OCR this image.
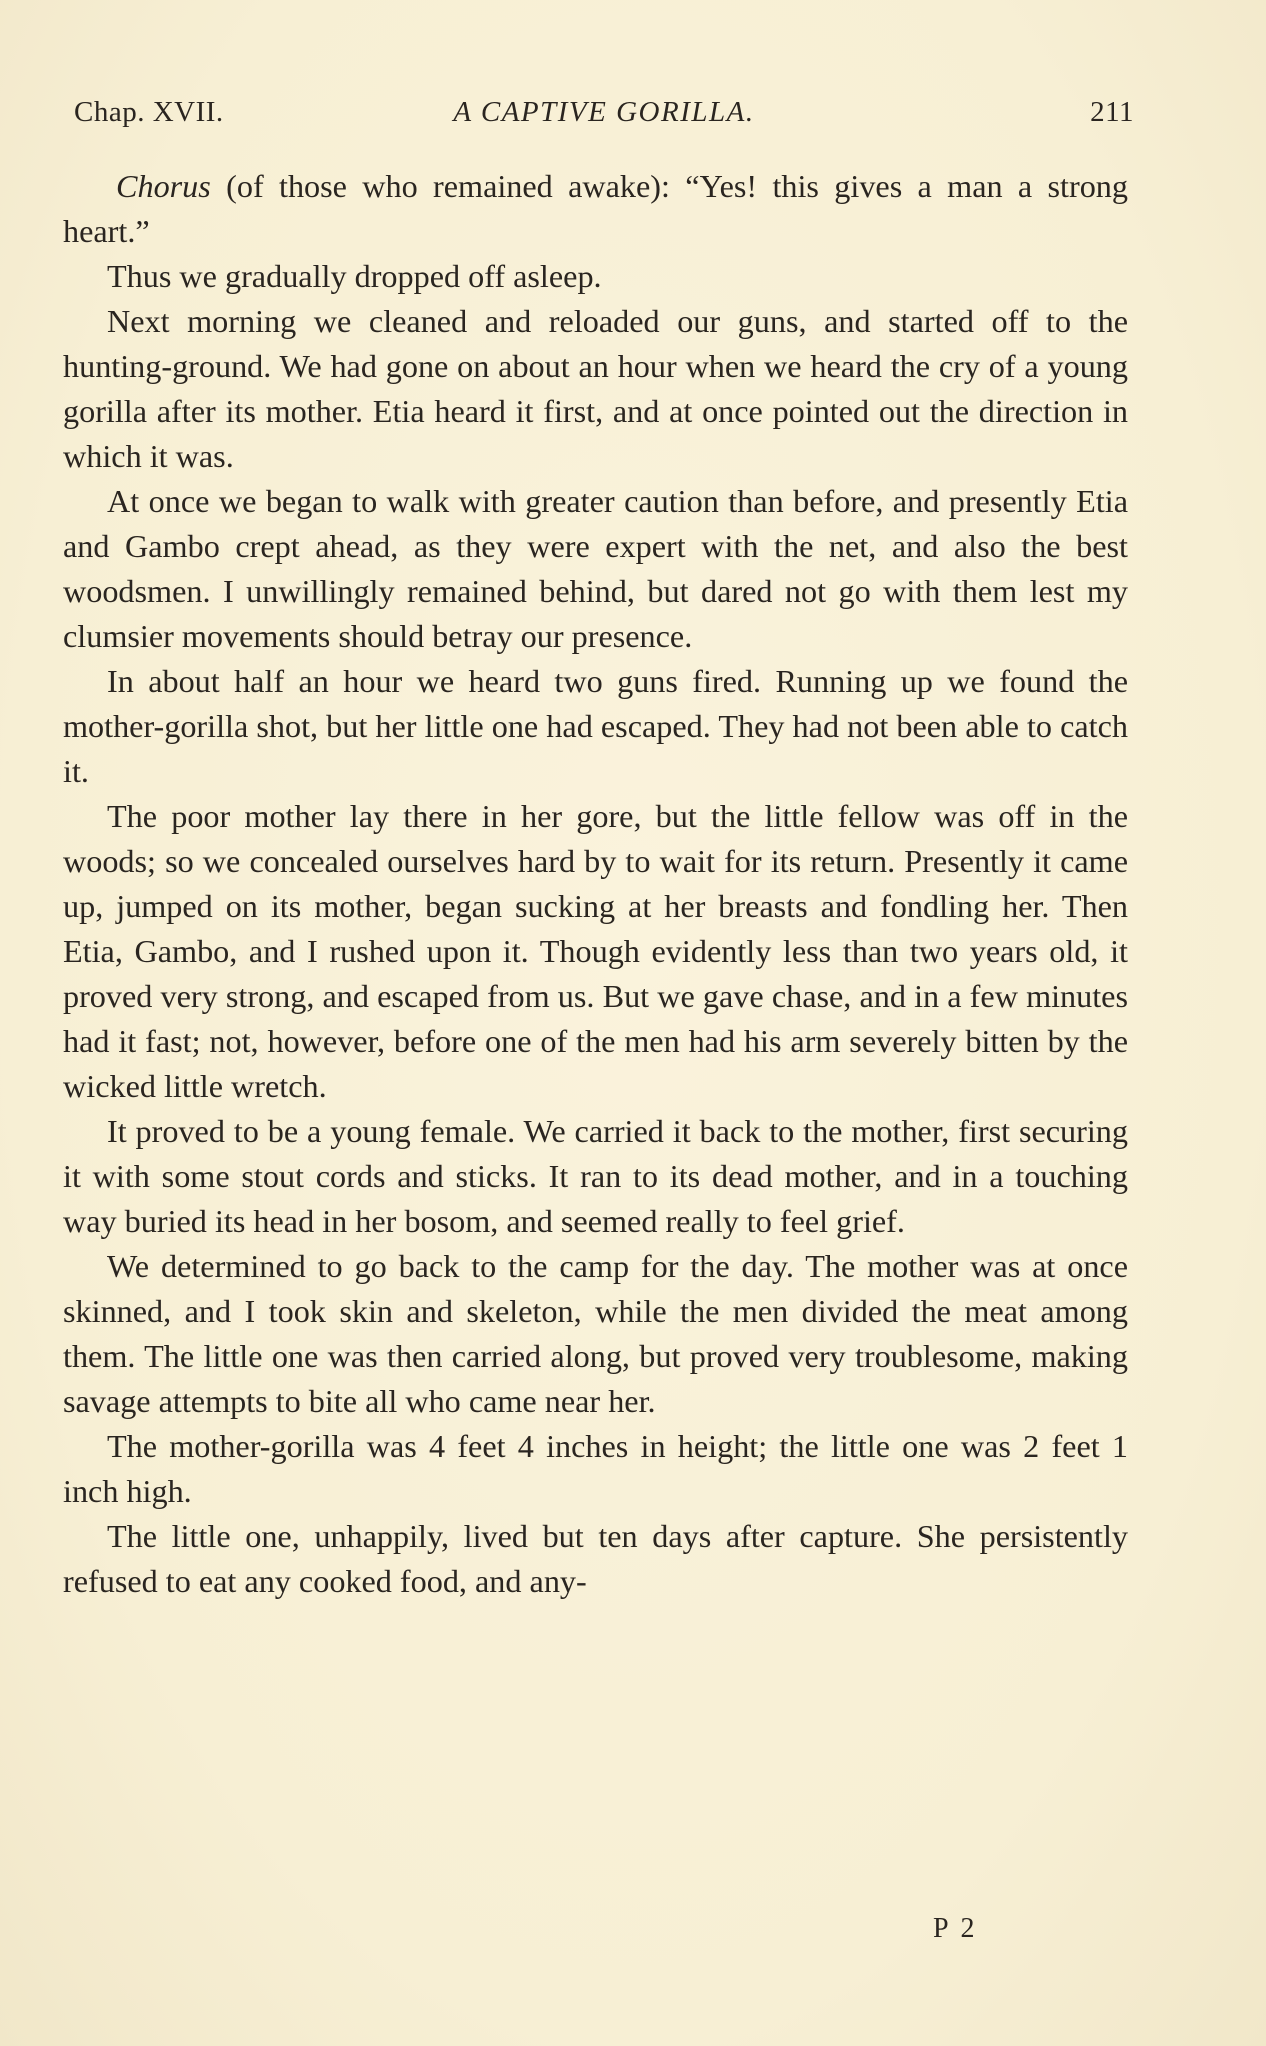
Chap. XVII.	A CAPTIVE GORILLA.	211

Chorus (of those who remained awake): “Yes! this gives a man a strong heart.”

Thus we gradually dropped off asleep.

Next morning we cleaned and reloaded our guns, and started off to the hunting-ground. We had gone on about an hour when we heard the cry of a young gorilla after its mother. Etia heard it first, and at once pointed out the direction in which it was.

At once we began to walk with greater caution than before, and presently Etia and Gambo crept ahead, as they were expert with the net, and also the best woodsmen. I unwillingly remained behind, but dared not go with them lest my clumsier movements should betray our presence.

In about half an hour we heard two guns fired. Running up we found the mother-gorilla shot, but her little one had escaped. They had not been able to catch it.

The poor mother lay there in her gore, but the little fellow was off in the woods; so we concealed ourselves hard by to wait for its return. Presently it came up, jumped on its mother, began sucking at her breasts and fondling her. Then Etia, Gambo, and I rushed upon it. Though evidently less than two years old, it proved very strong, and escaped from us. But we gave chase, and in a few minutes had it fast; not, however, before one of the men had his arm severely bitten by the wicked little wretch.

It proved to be a young female. We carried it back to the mother, first securing it with some stout cords and sticks. It ran to its dead mother, and in a touching way buried its head in her bosom, and seemed really to feel grief.

We determined to go back to the camp for the day. The mother was at once skinned, and I took skin and skeleton, while the men divided the meat among them. The little one was then carried along, but proved very troublesome, making savage attempts to bite all who came near her.

The mother-gorilla was 4 feet 4 inches in height; the little one was 2 feet 1 inch high.

The little one, unhappily, lived but ten days after capture. She persistently refused to eat any cooked food, and any-

P 2
